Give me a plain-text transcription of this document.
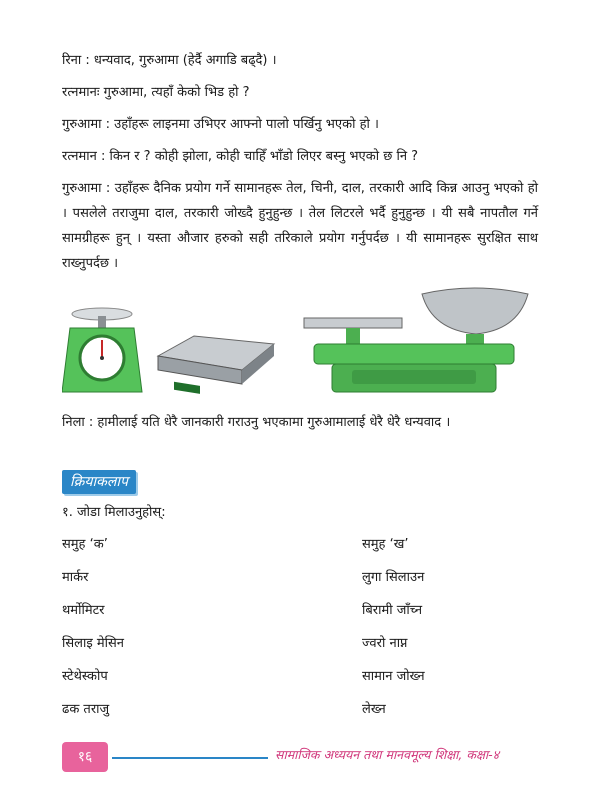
रिना : धन्यवाद, गुरुआमा (हेर्दै अगाडि बढ्दै) ।

रत्नमानः गुरुआमा, त्यहाँ केको भिड हो ?

गुरुआमा : उहाँहरू लाइनमा उभिएर आफ्नो पालो पर्खिनु भएको हो ।

रत्नमान : किन र ? कोही झोला, कोही चाहिँ भाँडो लिएर बस्नु भएको छ नि ?

गुरुआमा : उहाँहरू दैनिक प्रयोग गर्ने सामानहरू तेल, चिनी, दाल, तरकारी आदि किन्न आउनु भएको हो । पसलेले तराजुमा दाल, तरकारी जोख्दै हुनुहुन्छ । तेल लिटरले भर्दै हुनुहुन्छ । यी सबै नापतौल गर्ने सामग्रीहरू हुन् । यस्ता औजार हरुको सही तरिकाले प्रयोग गर्नुपर्दछ । यी सामानहरू सुरक्षित साथ राख्नुपर्दछ ।

निला : हामीलाई यति धेरै जानकारी गराउनु भएकामा गुरुआमालाई धेरै धेरै धन्यवाद ।

क्रियाकलाप
१. जोडा मिलाउनुहोस्:
समुह ‘क’
मार्कर
थर्मोमिटर
सिलाइ मेसिन
स्टेथेस्कोप
ढक तराजु
समुह ‘ख’
लुगा सिलाउन
बिरामी जाँच्न
ज्वरो नाप्न
सामान जोख्न
लेख्न
१६	सामाजिक अध्ययन तथा मानवमूल्य शिक्षा, कक्षा-४
